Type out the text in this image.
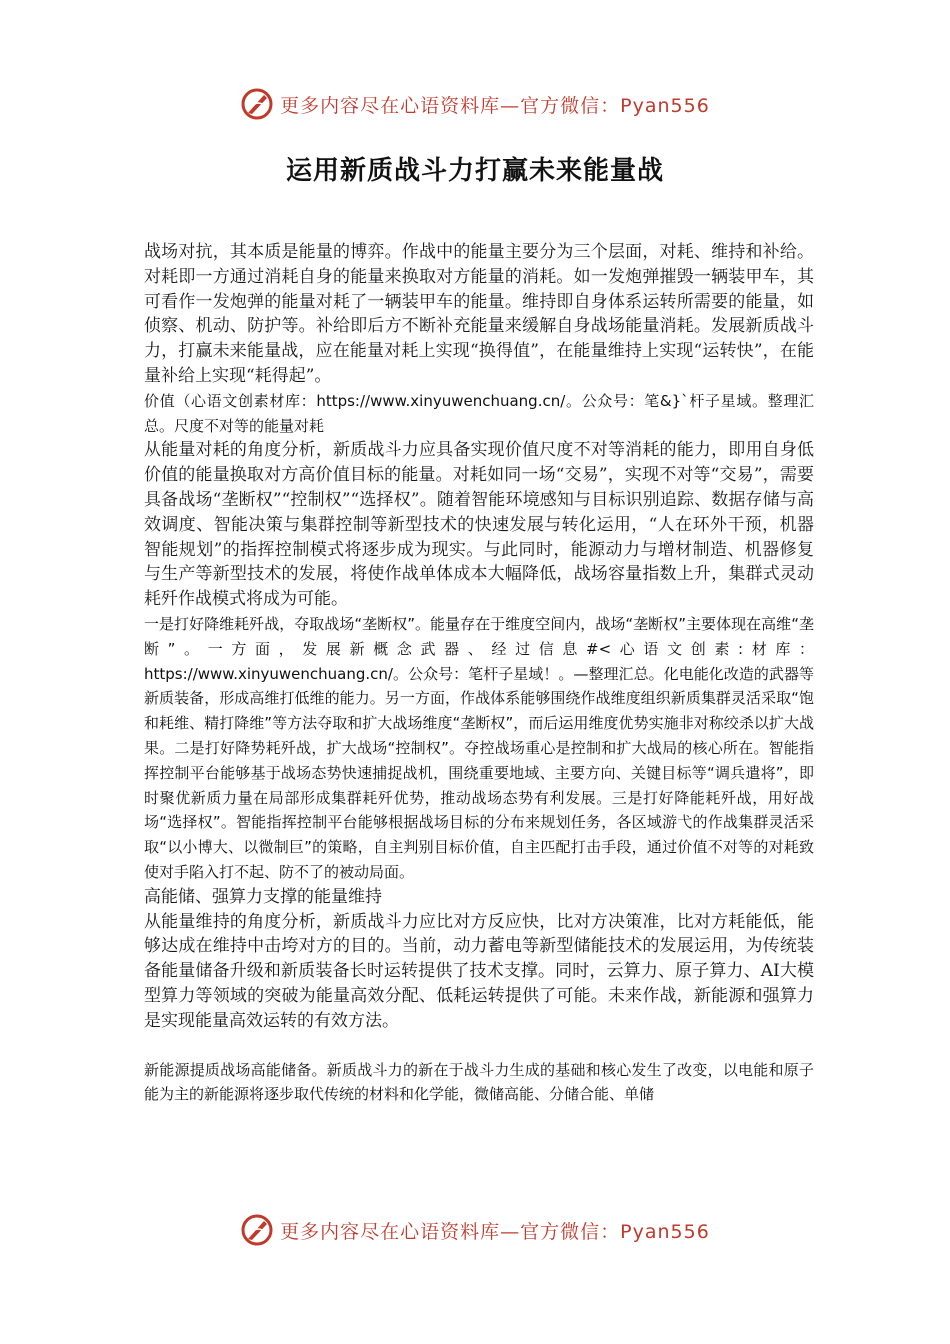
更多内容尽在心语资料库—官方微信：Pyan556
运用新质战斗力打赢未来能量战

战场对抗，其本质是能量的博弈。作战中的能量主要分为三个层面，对耗、维持和补给。对耗即一方通过消耗自身的能量来换取对方能量的消耗。如一发炮弹摧毁一辆装甲车，其可看作一发炮弹的能量对耗了一辆装甲车的能量。维持即自身体系运转所需要的能量，如侦察、机动、防护等。补给即后方不断补充能量来缓解自身战场能量消耗。发展新质战斗力，打赢未来能量战，应在能量对耗上实现“换得值”，在能量维持上实现“运转快”，在能量补给上实现“耗得起”。

价值（心语文创素材库：https://www.xinyuwenchuang.cn/。公众号：笔&}`杆子星域。整理汇总。尺度不对等的能量对耗

从能量对耗的角度分析，新质战斗力应具备实现价值尺度不对等消耗的能力，即用自身低价值的能量换取对方高价值目标的能量。对耗如同一场“交易”，实现不对等“交易”，需要具备战场“垄断权”“控制权”“选择权”。随着智能环境感知与目标识别追踪、数据存储与高效调度、智能决策与集群控制等新型技术的快速发展与转化运用，“人在环外干预，机器智能规划”的指挥控制模式将逐步成为现实。与此同时，能源动力与增材制造、机器修复与生产等新型技术的发展，将使作战单体成本大幅降低，战场容量指数上升，集群式灵动耗歼作战模式将成为可能。

一是打好降维耗歼战，夺取战场“垄断权”。能量存在于维度空间内，战场“垄断权”主要体现在高维“垄断”。一方面，发展新概念武器、经过信息#<心语文创素:材库：https://www.xinyuwenchuang.cn/。公众号：笔杆子星域！。—整理汇总。化电能化改造的武器等新质装备，形成高维打低维的能力。另一方面，作战体系能够围绕作战维度组织新质集群灵活采取“饱和耗维、精打降维”等方法夺取和扩大战场维度“垄断权”，而后运用维度优势实施非对称绞杀以扩大战果。二是打好降势耗歼战，扩大战场“控制权”。夺控战场重心是控制和扩大战局的核心所在。智能指挥控制平台能够基于战场态势快速捕捉战机，围绕重要地域、主要方向、关键目标等“调兵遣将”，即时聚优新质力量在局部形成集群耗歼优势，推动战场态势有利发展。三是打好降能耗歼战，用好战场“选择权”。智能指挥控制平台能够根据战场目标的分布来规划任务，各区域游弋的作战集群灵活采取“以小博大、以微制巨”的策略，自主判别目标价值，自主匹配打击手段，通过价值不对等的对耗致使对手陷入打不起、防不了的被动局面。

高能储、强算力支撑的能量维持

从能量维持的角度分析，新质战斗力应比对方反应快，比对方决策准，比对方耗能低，能够达成在维持中击垮对方的目的。当前，动力蓄电等新型储能技术的发展运用，为传统装备能量储备升级和新质装备长时运转提供了技术支撑。同时，云算力、原子算力、AI大模型算力等领域的突破为能量高效分配、低耗运转提供了可能。未来作战，新能源和强算力是实现能量高效运转的有效方法。

新能源提质战场高能储备。新质战斗力的新在于战斗力生成的基础和核心发生了改变，以电能和原子能为主的新能源将逐步取代传统的材料和化学能，微储高能、分储合能、单储

更多内容尽在心语资料库—官方微信：Pyan556
